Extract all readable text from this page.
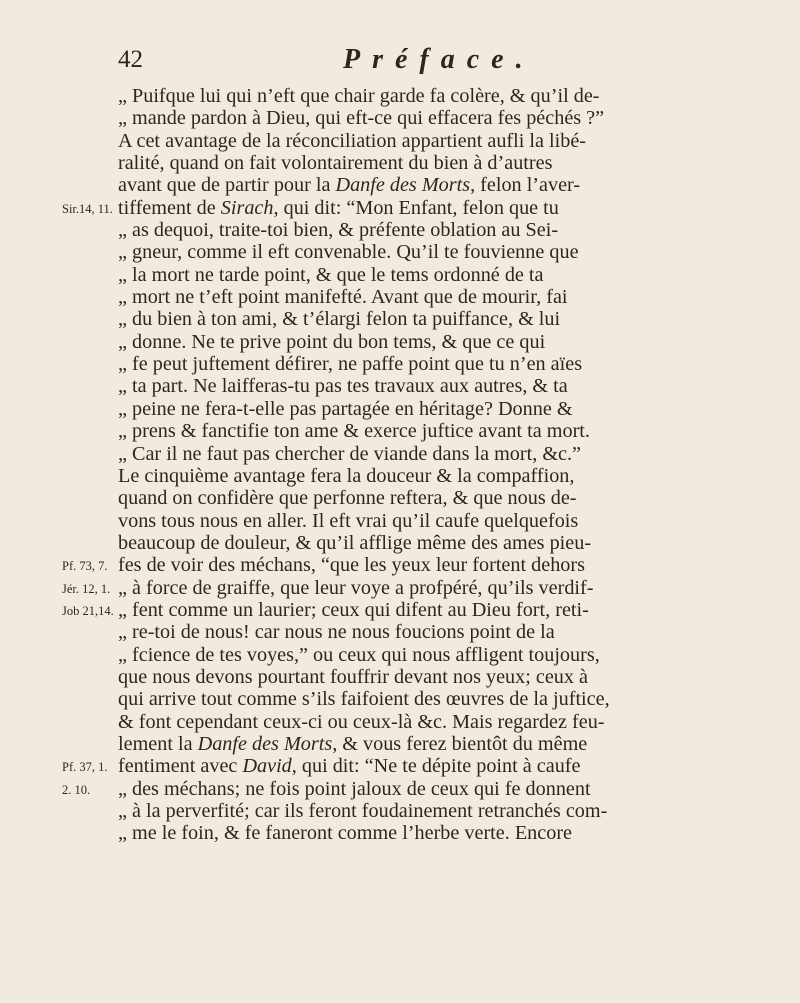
42	Préface.
„ Puifque lui qui n’eft que chair garde fa colère, & qu’il de-
„ mande pardon à Dieu, qui eft-ce qui effacera fes péchés ?”
A cet avantage de la réconciliation appartient aufli la libé-
ralité, quand on fait volontairement du bien à d’autres
avant que de partir pour la Danfe des Morts, felon l’aver-
Sir.14, 11. tiffement de Sirach, qui dit: “Mon Enfant, felon que tu
„ as dequoi, traite-toi bien, & préfente oblation au Sei-
„ gneur, comme il eft convenable. Qu’il te fouvienne que
„ la mort ne tarde point, & que le tems ordonné de ta
„ mort ne t’eft point manifefté. Avant que de mourir, fai
„ du bien à ton ami, & t’élargi felon ta puiffance, & lui
„ donne. Ne te prive point du bon tems, & que ce qui
„ fe peut juftement défirer, ne paffe point que tu n’en aïes
„ ta part. Ne laifferas-tu pas tes travaux aux autres, & ta
„ peine ne fera-t-elle pas partagée en héritage? Donne &
„ prens & fanctifie ton ame & exerce juftice avant ta mort.
„ Car il ne faut pas chercher de viande dans la mort, &c.”
Le cinquième avantage fera la douceur & la compaffion,
quand on confidère que perfonne reftera, & que nous de-
vons tous nous en aller. Il eft vrai qu’il caufe quelquefois
beaucoup de douleur, & qu’il afflige même des ames pieu-
Pf. 73, 7. fes de voir des méchans, “que les yeux leur fortent dehors
Jér. 12, 1. „ à force de graiffe, que leur voye a profpéré, qu’ils verdif-
Job 21,14. „ fent comme un laurier; ceux qui difent au Dieu fort, reti-
„ re-toi de nous! car nous ne nous foucions point de la
„ fcience de tes voyes,” ou ceux qui nous affligent toujours,
que nous devons pourtant fouffrir devant nos yeux; ceux à
qui arrive tout comme s’ils faifoient des œuvres de la juftice,
& font cependant ceux-ci ou ceux-là &c. Mais regardez feu-
lement la Danfe des Morts, & vous ferez bientôt du même
Pf. 37, 1. fentiment avec David, qui dit: “Ne te dépite point à caufe
2. 10.	„ des méchans; ne fois point jaloux de ceux qui fe donnent
„ à la perverfité; car ils feront foudainement retranchés com-
„ me le foin, & fe faneront comme l’herbe verte. Encore
